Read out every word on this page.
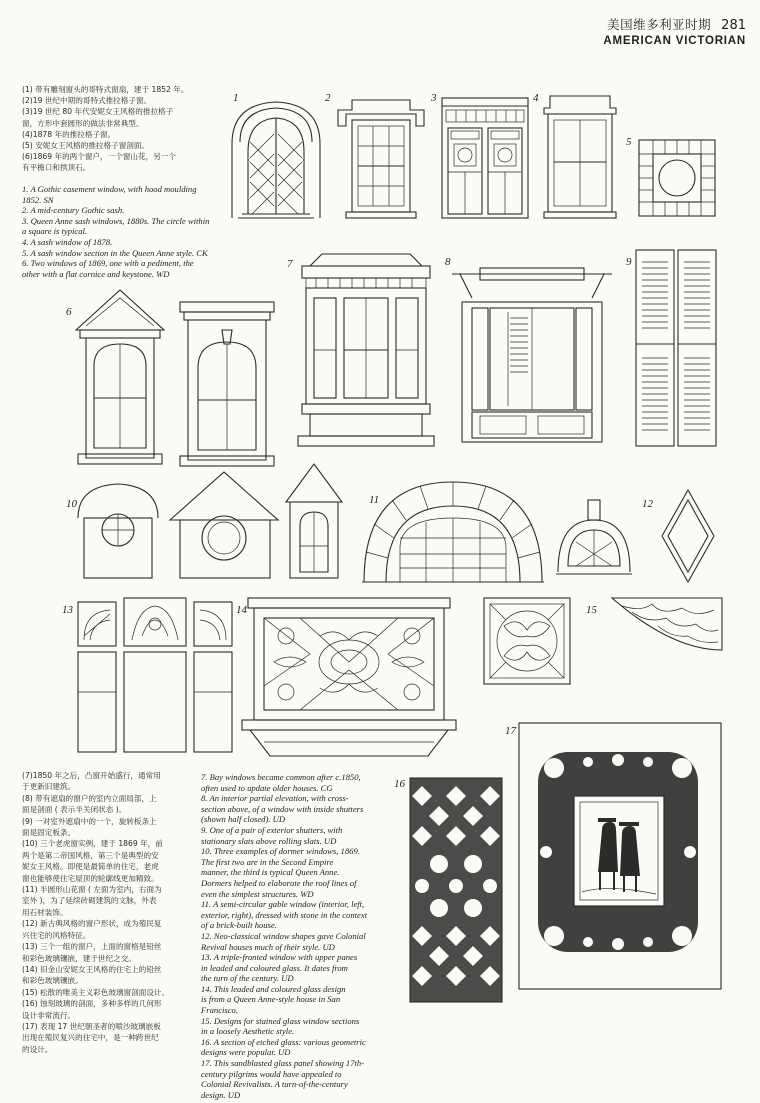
美国维多利亚时期 281
AMERICAN VICTORIAN
(1) 带有雕刻窗头的哥特式窗扇，建于 1852 年。
(2)19 世纪中期的哥特式推拉格子窗。
(3)19 世纪 80 年代安妮女王风格的推拉格子
窗，方形中套圆形的做法非常典型。
(4)1878 年的推拉格子窗。
(5) 安妮女王风格的推拉格子窗剖面。
(6)1869 年的两个窗户，一个窗山花，另一个
有平檐口和拱顶石。
1. A Gothic casement window, with hood moulding
1852. SN
2. A mid-century Gothic sash.
3. Queen Anne sash windows, 1880s. The circle within
a square is typical.
4. A sash window of 1878.
5. A sash window section in the Queen Anne style. CK
6. Two windows of 1869, one with a pediment, the
other with a flat cornice and keystone. WD
(7)1850 年之后，凸窗开始盛行，通常用
于更新旧建筑。
(8) 带有遮扇的窗户的室内立面局部，上
面是剖面 ( 表示半关闭状态 )。
(9) 一对室外遮扇中的一个，旋转板条上
面是固定板条。
(10) 三个老虎窗实例，建于 1869 年，前
两个是第二帝国风格，第三个是典型的安
妮女王风格。即使是最简单的住宅，老虎
窗也能够使住宅屋顶的轮廓线更加精致。
(11) 半圆形山花窗 ( 左面为室内，右面为
室外 )，为了延续砖砌建筑的文脉，外表
用石材装饰。
(12) 新古典风格的窗户形状，成为殖民复
兴住宅的风格特征。
(13) 三个一组的窗户，上面的窗格是铅丝
和彩色玻璃镶嵌，建于世纪之交。
(14) 旧金山安妮女王风格的住宅上的铅丝
和彩色玻璃镶嵌。
(15) 松散的唯美主义彩色玻璃窗剖面设计。
(16) 蚀刻玻璃的剖面，多种多样的几何形
设计非常流行。
(17) 表现 17 世纪朝圣者的喷沙玻璃嵌板
出现在殖民复兴的住宅中，是一种跨世纪
的设计。
7. Bay windows became common after c.1850,
often used to update older houses. CG
8. An interior partial elevation, with cross-
section above, of a window with inside shutters
(shown half closed). UD
9. One of a pair of exterior shutters, with
stationary slats above rolling slats. UD
10. Three examples of dormer windows, 1869.
The first two are in the Second Empire
manner, the third is typical Queen Anne.
Dormers helped to elaborate the roof lines of
even the simplest structures. WD
11. A semi-circular gable window (interior, left,
exterior, right), dressed with stone in the context
of a brick-built house.
12. Neo-classical window shapes gave Colonial
Revival houses much of their style. UD
13. A triple-fronted window with upper panes
in leaded and coloured glass. It dates from
the turn of the century. UD
14. This leaded and coloured glass design
is from a Queen Anne-style house in San
Francisco.
15. Designs for stained glass window sections
in a loosely Aesthetic style.
16. A section of etched glass: various geometric
designs were popular. UD
17. This sandblasted glass panel showing 17th-
century pilgrims would have appealed to
Colonial Revivalists. A turn-of-the-century
design. UD
1	2	3	4
5
6
7	8	9
10	11	12
13	14	15
16
17
